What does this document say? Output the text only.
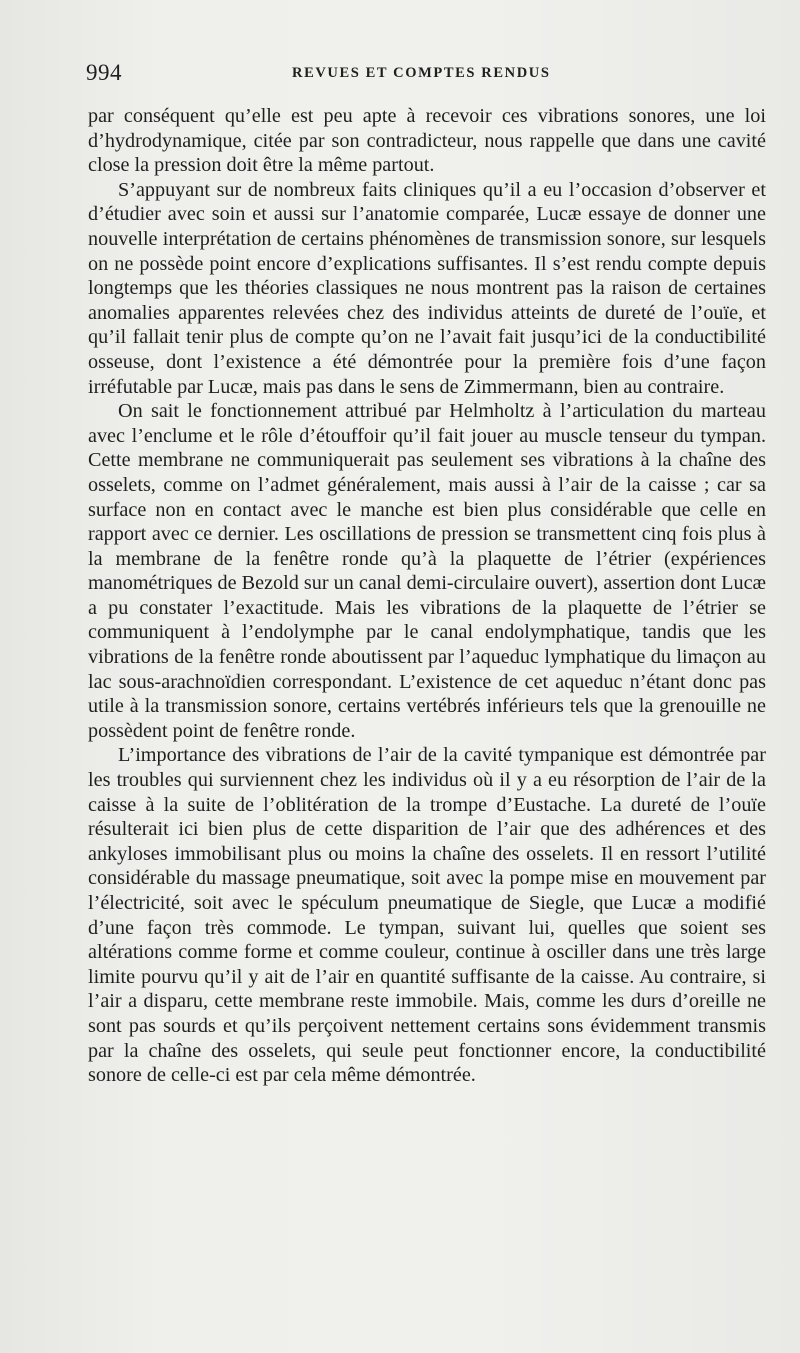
994	REVUES ET COMPTES RENDUS

par conséquent qu’elle est peu apte à recevoir ces vibrations sonores, une loi d’hydrodynamique, citée par son contradicteur, nous rappelle que dans une cavité close la pression doit être la même partout.

S’appuyant sur de nombreux faits cliniques qu’il a eu l’occasion d’observer et d’étudier avec soin et aussi sur l’anatomie comparée, Lucæ essaye de donner une nouvelle interprétation de certains phénomènes de transmission sonore, sur lesquels on ne possède point encore d’explications suffisantes. Il s’est rendu compte depuis longtemps que les théories classiques ne nous montrent pas la raison de certaines anomalies apparentes relevées chez des individus atteints de dureté de l’ouïe, et qu’il fallait tenir plus de compte qu’on ne l’avait fait jusqu’ici de la conductibilité osseuse, dont l’existence a été démontrée pour la première fois d’une façon irréfutable par Lucæ, mais pas dans le sens de Zimmermann, bien au contraire.

On sait le fonctionnement attribué par Helmholtz à l’articulation du marteau avec l’enclume et le rôle d’étouffoir qu’il fait jouer au muscle tenseur du tympan. Cette membrane ne communiquerait pas seulement ses vibrations à la chaîne des osselets, comme on l’admet généralement, mais aussi à l’air de la caisse ; car sa surface non en contact avec le manche est bien plus considérable que celle en rapport avec ce dernier. Les oscillations de pression se transmettent cinq fois plus à la membrane de la fenêtre ronde qu’à la plaquette de l’étrier (expériences manométriques de Bezold sur un canal demi-circulaire ouvert), assertion dont Lucæ a pu constater l’exactitude. Mais les vibrations de la plaquette de l’étrier se communiquent à l’endolymphe par le canal endolymphatique, tandis que les vibrations de la fenêtre ronde aboutissent par l’aqueduc lymphatique du limaçon au lac sous-arachnoïdien correspondant. L’existence de cet aqueduc n’étant donc pas utile à la transmission sonore, certains vertébrés inférieurs tels que la grenouille ne possèdent point de fenêtre ronde.

L’importance des vibrations de l’air de la cavité tympanique est démontrée par les troubles qui surviennent chez les individus où il y a eu résorption de l’air de la caisse à la suite de l’oblitération de la trompe d’Eustache. La dureté de l’ouïe résulterait ici bien plus de cette disparition de l’air que des adhérences et des ankyloses immobilisant plus ou moins la chaîne des osselets. Il en ressort l’utilité considérable du massage pneumatique, soit avec la pompe mise en mouvement par l’électricité, soit avec le spéculum pneumatique de Siegle, que Lucæ a modifié d’une façon très commode. Le tympan, suivant lui, quelles que soient ses altérations comme forme et comme couleur, continue à osciller dans une très large limite pourvu qu’il y ait de l’air en quantité suffisante de la caisse. Au contraire, si l’air a disparu, cette membrane reste immobile. Mais, comme les durs d’oreille ne sont pas sourds et qu’ils perçoivent nettement certains sons évidemment transmis par la chaîne des osselets, qui seule peut fonctionner encore, la conductibilité sonore de celle-ci est par cela même démontrée.
